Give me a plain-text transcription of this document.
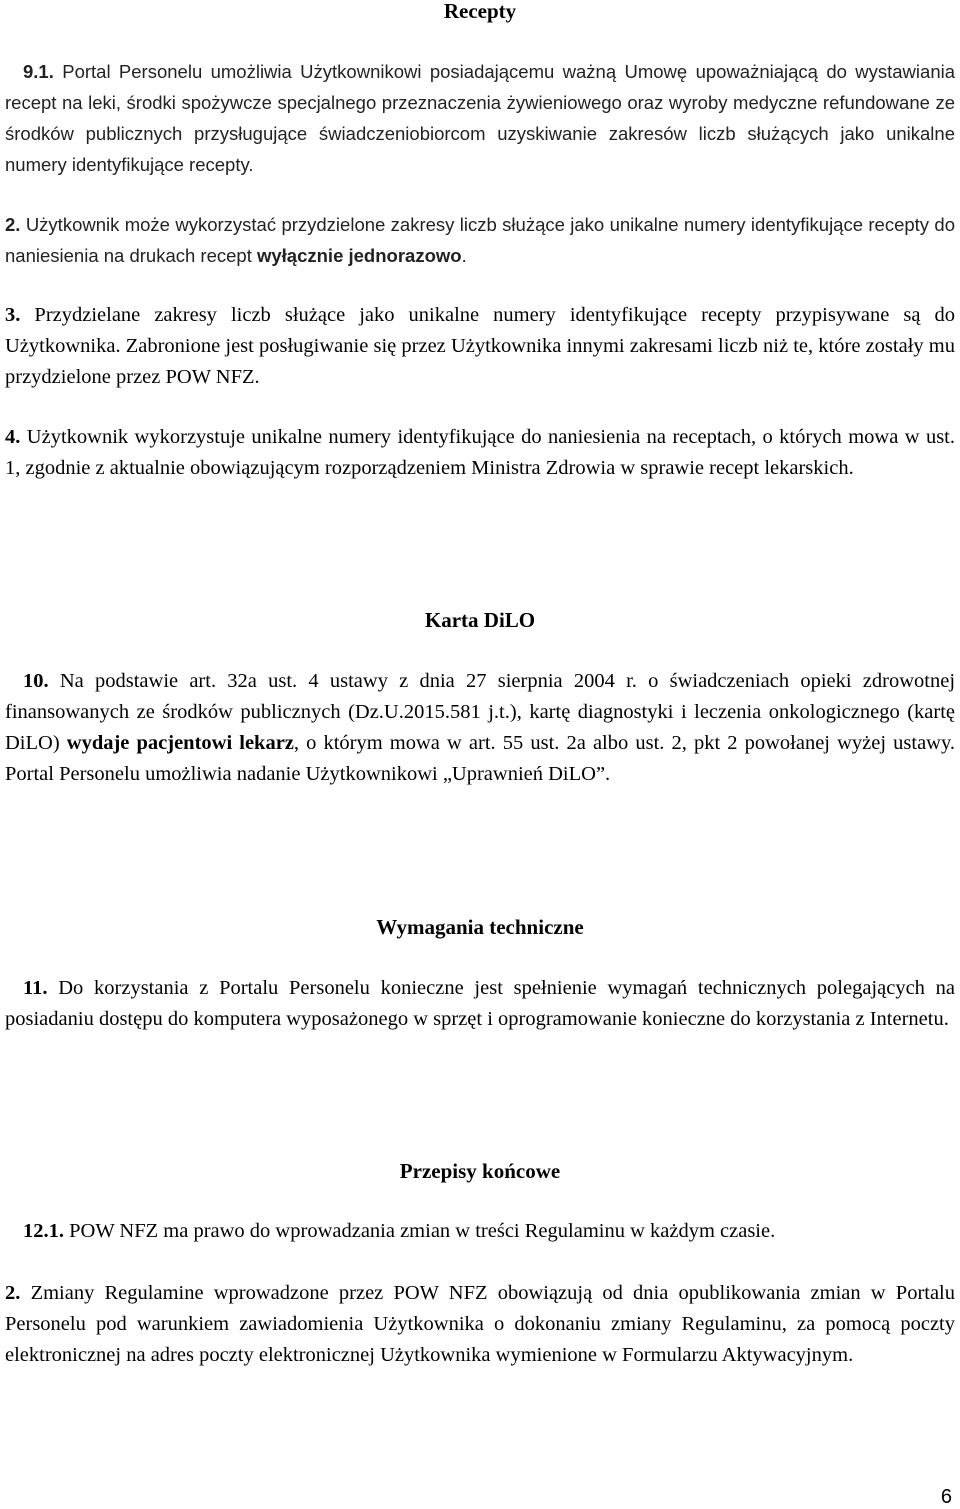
Recepty

9.1. Portal Personelu umożliwia Użytkownikowi posiadającemu ważną Umowę upoważniającą do wystawiania recept na leki, środki spożywcze specjalnego przeznaczenia żywieniowego oraz wyroby medyczne refundowane ze środków publicznych przysługujące świadczeniobiorcom uzyskiwanie zakresów liczb służących jako unikalne numery identyfikujące recepty.

2. Użytkownik może wykorzystać przydzielone zakresy liczb służące jako unikalne numery identyfikujące recepty do naniesienia na drukach recept wyłącznie jednorazowo.

3. Przydzielane zakresy liczb służące jako unikalne numery identyfikujące recepty przypisywane są do Użytkownika. Zabronione jest posługiwanie się przez Użytkownika innymi zakresami liczb niż te, które zostały mu przydzielone przez POW NFZ.

4. Użytkownik wykorzystuje unikalne numery identyfikujące do naniesienia na receptach, o których mowa w ust. 1, zgodnie z aktualnie obowiązującym rozporządzeniem Ministra Zdrowia w sprawie recept lekarskich.

Karta DiLO

10. Na podstawie art. 32a ust. 4 ustawy z dnia 27 sierpnia 2004 r. o świadczeniach opieki zdrowotnej finansowanych ze środków publicznych (Dz.U.2015.581 j.t.), kartę diagnostyki i leczenia onkologicznego (kartę DiLO) wydaje pacjentowi lekarz, o którym mowa w art. 55 ust. 2a albo ust. 2, pkt 2 powołanej wyżej ustawy. Portal Personelu umożliwia nadanie Użytkownikowi „Uprawnień DiLO”.

Wymagania techniczne

11. Do korzystania z Portalu Personelu konieczne jest spełnienie wymagań technicznych polegających na posiadaniu dostępu do komputera wyposażonego w sprzęt i oprogramowanie konieczne do korzystania z Internetu.

Przepisy końcowe

12.1. POW NFZ ma prawo do wprowadzania zmian w treści Regulaminu w każdym czasie.

2. Zmiany Regulamine wprowadzone przez POW NFZ obowiązują od dnia opublikowania zmian w Portalu Personelu pod warunkiem zawiadomienia Użytkownika o dokonaniu zmiany Regulaminu, za pomocą poczty elektronicznej na adres poczty elektronicznej Użytkownika wymienione w Formularzu Aktywacyjnym.

6
